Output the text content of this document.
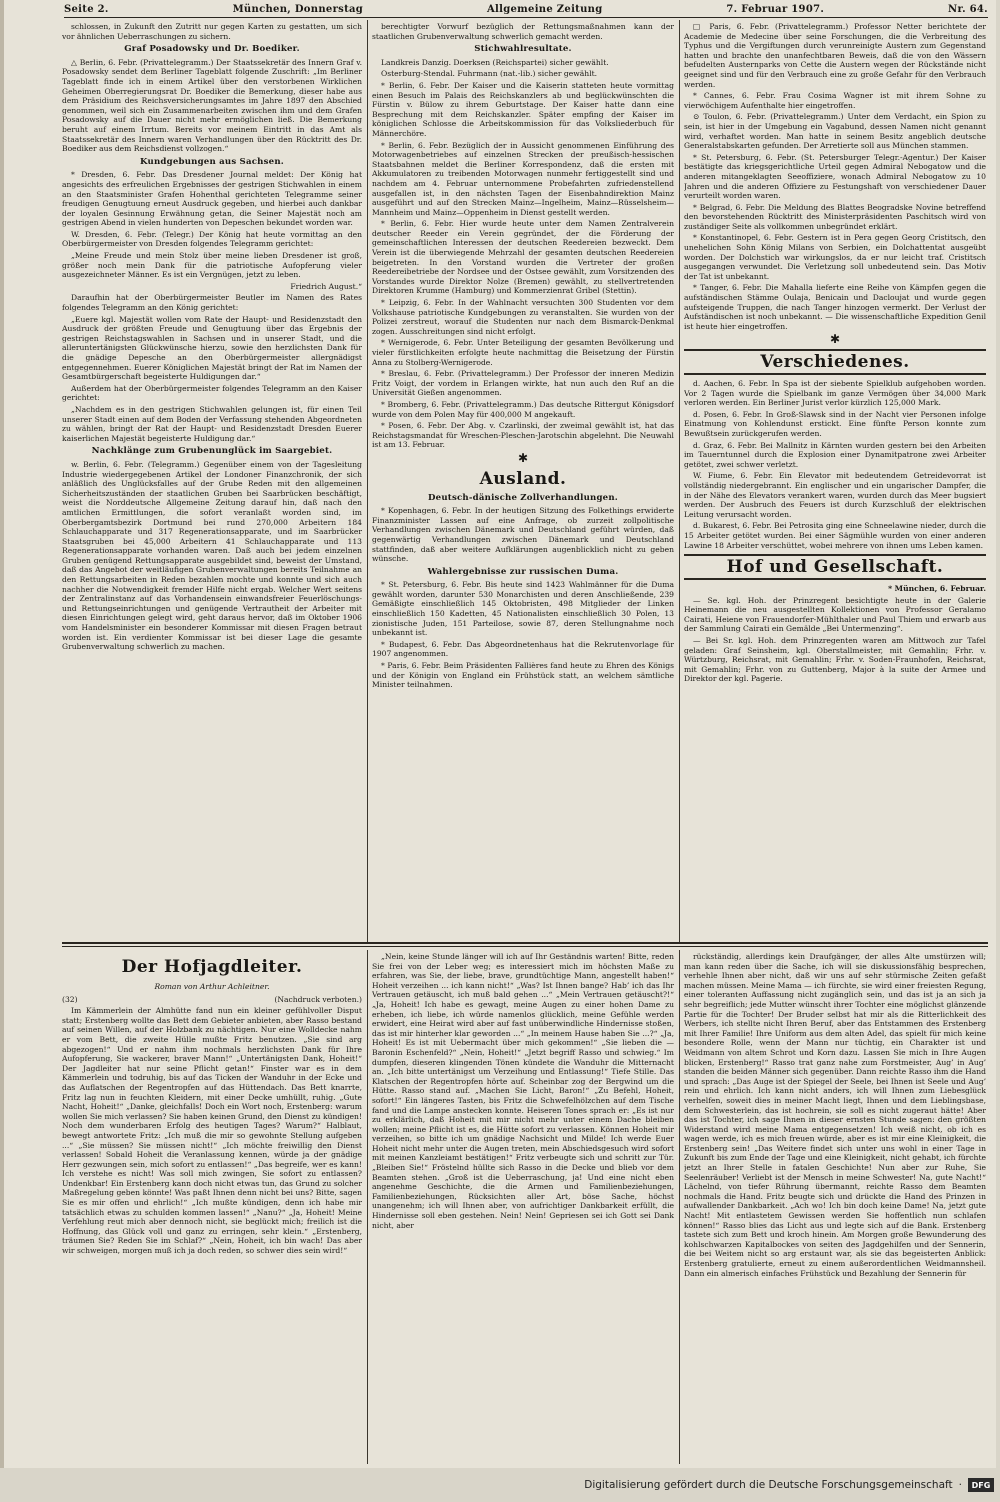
Seite 2.	München, Donnerstag	Allgemeine Zeitung	7. Februar 1907.	Nr. 64.

schlossen, in Zukunft den Zutritt nur gegen Karten zu gestatten, um sich vor ähnlichen Ueberraschungen zu sichern.

Graf Posadowsky und Dr. Boediker.

△ Berlin, 6. Febr. (Privattelegramm.) Der Staatssekretär des Innern Graf v. Posadowsky sendet dem Berliner Tageblatt folgende Zuschrift: „Im Berliner Tageblatt finde ich in einem Artikel über den verstorbenen Wirklichen Geheimen Oberregierungsrat Dr. Boediker die Bemerkung, dieser habe aus dem Präsidium des Reichsversicherungsamtes im Jahre 1897 den Abschied genommen, weil sich ein Zusammenarbeiten zwischen ihm und dem Grafen Posadowsky auf die Dauer nicht mehr ermöglichen ließ. Die Bemerkung beruht auf einem Irrtum. Bereits vor meinem Eintritt in das Amt als Staatssekretär des Innern waren Verhandlungen über den Rücktritt des Dr. Boediker aus dem Reichsdienst vollzogen.“

Kundgebungen aus Sachsen.

* Dresden, 6. Febr. Das Dresdener Journal meldet: Der König hat angesichts des erfreulichen Ergebnisses der gestrigen Stichwahlen in einem an den Staatsminister Grafen Hohenthal gerichteten Telegramme seiner freudigen Genugtuung erneut Ausdruck gegeben, und hierbei auch dankbar der loyalen Gesinnung Erwähnung getan, die Seiner Majestät noch am gestrigen Abend in vielen hunderten von Depeschen bekundet worden war.

W. Dresden, 6. Febr. (Telegr.) Der König hat heute vormittag an den Oberbürgermeister von Dresden folgendes Telegramm gerichtet:

„Meine Freude und mein Stolz über meine lieben Dresdener ist groß, größer noch mein Dank für die patriotische Aufopferung vieler ausgezeichneter Männer. Es ist ein Vergnügen, jetzt zu leben.

Friedrich August.“

Daraufhin hat der Oberbürgermeister Beutler im Namen des Rates folgendes Telegramm an den König gerichtet:

„Euere kgl. Majestät wollen vom Rate der Haupt- und Residenzstadt den Ausdruck der größten Freude und Genugtuung über das Ergebnis der gestrigen Reichstagswahlen in Sachsen und in unserer Stadt, und die alleruntertänigsten Glückwünsche hierzu, sowie den herzlichsten Dank für die gnädige Depesche an den Oberbürgermeister allergnädigst entgegennehmen. Euerer Königlichen Majestät bringt der Rat im Namen der Gesamtbürgerschaft begeisterte Huldigungen dar.“

Außerdem hat der Oberbürgermeister folgendes Telegramm an den Kaiser gerichtet:

„Nachdem es in den gestrigen Stichwahlen gelungen ist, für einen Teil unserer Stadt einen auf dem Boden der Verfassung stehenden Abgeordneten zu wählen, bringt der Rat der Haupt- und Residenzstadt Dresden Euerer kaiserlichen Majestät begeisterte Huldigung dar.“

Nachklänge zum Grubenunglück im Saargebiet.

w. Berlin, 6. Febr. (Telegramm.) Gegenüber einem von der Tagesleitung Industrie wiedergegebenen Artikel der Londoner Finanzchronik, der sich anläßlich des Unglücksfalles auf der Grube Reden mit den allgemeinen Sicherheitszuständen der staatlichen Gruben bei Saarbrücken beschäftigt, weist die Norddeutsche Allgemeine Zeitung darauf hin, daß nach den amtlichen Ermittlungen, die sofort veranlaßt worden sind, im Oberbergamtsbezirk Dortmund bei rund 270,000 Arbeitern 184 Schlauchapparate und 317 Regenerationsapparate, und im Saarbrücker Staatsgruben bei 45,000 Arbeitern 41 Schlauchapparate und 113 Regenerationsapparate vorhanden waren. Daß auch bei jedem einzelnen Gruben genügend Rettungsapparate ausgebildet sind, beweist der Umstand, daß das Angebot der weitläufigen Grubenverwaltungen bereits Teilnahme an den Rettungsarbeiten in Reden bezahlen mochte und konnte und sich auch nachher die Notwendigkeit fremder Hilfe nicht ergab. Welcher Wert seitens der Zentralinstanz auf das Vorhandensein einwandsfreier Feuerlöschungs- und Rettungseinrichtungen und genügende Vertrautheit der Arbeiter mit diesen Einrichtungen gelegt wird, geht daraus hervor, daß im Oktober 1906 vom Handelsminister ein besonderer Kommissar mit diesen Fragen betraut worden ist. Ein verdienter Kommissar ist bei dieser Lage die gesamte Grubenverwaltung schwerlich zu machen.

berechtigter Vorwurf bezüglich der Rettungsmaßnahmen kann der staatlichen Grubenverwaltung schwerlich gemacht werden.

Stichwahlresultate.

Landkreis Danzig. Doerksen (Reichspartei) sicher gewählt.

Osterburg-Stendal. Fuhrmann (nat.-lib.) sicher gewählt.

* Berlin, 6. Febr. Der Kaiser und die Kaiserin statteten heute vormittag einen Besuch im Palais des Reichskanzlers ab und beglückwünschten die Fürstin v. Bülow zu ihrem Geburtstage. Der Kaiser hatte dann eine Besprechung mit dem Reichskanzler. Später empfing der Kaiser im königlichen Schlosse die Arbeitskommission für das Volksliederbuch für Männerchöre.

* Berlin, 6. Febr. Bezüglich der in Aussicht genommenen Einführung des Motorwagenbetriebes auf einzelnen Strecken der preußisch-hessischen Staatsbahnen meldet die Berliner Korrespondenz, daß die ersten mit Akkumulatoren zu treibenden Motorwagen nunmehr fertiggestellt sind und nachdem am 4. Februar unternommene Probefahrten zufriedenstellend ausgefallen ist, in den nächsten Tagen der Eisenbahndirektion Mainz ausgeführt und auf den Strecken Mainz—Ingelheim, Mainz—Rüsselsheim—Mannheim und Mainz—Oppenheim in Dienst gestellt werden.

* Berlin, 6. Febr. Hier wurde heute unter dem Namen Zentralverein deutscher Reeder ein Verein gegründet, der die Förderung der gemeinschaftlichen Interessen der deutschen Reedereien bezweckt. Dem Verein ist die überwiegende Mehrzahl der gesamten deutschen Reedereien beigetreten. In den Vorstand wurden die Vertreter der großen Reedereibetriebe der Nordsee und der Ostsee gewählt, zum Vorsitzenden des Vorstandes wurde Direktor Nolze (Bremen) gewählt, zu stellvertretenden Direktoren Krumme (Hamburg) und Kommerzienrat Gribel (Stettin).

* Leipzig, 6. Febr. In der Wahlnacht versuchten 300 Studenten vor dem Volkshause patriotische Kundgebungen zu veranstalten. Sie wurden von der Polizei zerstreut, worauf die Studenten nur nach dem Bismarck-Denkmal zogen. Ausschreitungen sind nicht erfolgt.

* Wernigerode, 6. Febr. Unter Beteiligung der gesamten Bevölkerung und vieler fürstlichkeiten erfolgte heute nachmittag die Beisetzung der Fürstin Anna zu Stolberg-Wernigerode.

* Breslau, 6. Febr. (Privattelegramm.) Der Professor der inneren Medizin Fritz Voigt, der vordem in Erlangen wirkte, hat nun auch den Ruf an die Universität Gießen angenommen.

* Bromberg, 6. Febr. (Privattelegramm.) Das deutsche Rittergut Königsdorf wurde von dem Polen May für 400,000 M angekauft.

* Posen, 6. Febr. Der Abg. v. Czarlinski, der zweimal gewählt ist, hat das Reichstagsmandat für Wreschen-Pleschen-Jarotschin abgelehnt. Die Neuwahl ist am 13. Februar.

✱
Ausland.
Deutsch-dänische Zollverhandlungen.

* Kopenhagen, 6. Febr. In der heutigen Sitzung des Folkethings erwiderte Finanzminister Lassen auf eine Anfrage, ob zurzeit zollpolitische Verhandlungen zwischen Dänemark und Deutschland geführt würden, daß gegenwärtig Verhandlungen zwischen Dänemark und Deutschland stattfinden, daß aber weitere Aufklärungen augenblicklich nicht zu geben wünsche.

Wahlergebnisse zur russischen Duma.

* St. Petersburg, 6. Febr. Bis heute sind 1423 Wahlmänner für die Duma gewählt worden, darunter 530 Monarchisten und deren Anschließende, 239 Gemäßigte einschließlich 145 Oktobristen, 498 Mitglieder der Linken einschließlich 150 Kadetten, 45 Nationalisten einschließlich 30 Polen, 13 zionistische Juden, 151 Parteilose, sowie 87, deren Stellungnahme noch unbekannt ist.

* Budapest, 6. Febr. Das Abgeordnetenhaus hat die Rekrutenvorlage für 1907 angenommen.

* Paris, 6. Febr. Beim Präsidenten Fallières fand heute zu Ehren des Königs und der Königin von England ein Frühstück statt, an welchem sämtliche Minister teilnahmen.

□ Paris, 6. Febr. (Privattelegramm.) Professor Netter berichtete der Academie de Medecine über seine Forschungen, die die Verbreitung des Typhus und die Vergiftungen durch verunreinigte Austern zum Gegenstand hatten und brachte den unanfechtbaren Beweis, daß die von den Wässern befudelten Austernparks von Cette die Austern wegen der Rückstände nicht geeignet sind und für den Verbrauch eine zu große Gefahr für den Verbrauch werden.

* Cannes, 6. Febr. Frau Cosima Wagner ist mit ihrem Sohne zu vierwöchigem Aufenthalte hier eingetroffen.

⊙ Toulon, 6. Febr. (Privattelegramm.) Unter dem Verdacht, ein Spion zu sein, ist hier in der Umgebung ein Vagabund, dessen Namen nicht genannt wird, verhaftet worden. Man hatte in seinem Besitz angeblich deutsche Generalstabskarten gefunden. Der Arretierte soll aus München stammen.

* St. Petersburg, 6. Febr. (St. Petersburger Telegr.-Agentur.) Der Kaiser bestätigte das kriegsgerichtliche Urteil gegen Admiral Nebogatow und die anderen mitangeklagten Seeoffiziere, wonach Admiral Nebogatow zu 10 Jahren und die anderen Offiziere zu Festungshaft von verschiedener Dauer verurteilt worden waren.

* Belgrad, 6. Febr. Die Meldung des Blattes Beogradske Novine betreffend den bevorstehenden Rücktritt des Ministerpräsidenten Paschitsch wird von zuständiger Seite als vollkommen unbegründet erklärt.

* Konstantinopel, 6. Febr. Gestern ist in Pera gegen Georg Cristitsch, den unehelichen Sohn König Milans von Serbien, ein Dolchattentat ausgeübt worden. Der Dolchstich war wirkungslos, da er nur leicht traf. Cristitsch ausgegangen verwundet. Die Verletzung soll unbedeutend sein. Das Motiv der Tat ist unbekannt.

* Tanger, 6. Febr. Die Mahalla lieferte eine Reihe von Kämpfen gegen die aufständischen Stämme Oulaja, Benicain und Dacloujat und wurde gegen aufsteigende Truppen, die nach Tanger hinzogen vermerkt. Der Verlust der Aufständischen ist noch unbekannt. — Die wissenschaftliche Expedition Genil ist heute hier eingetroffen.

✱
Verschiedenes.

d. Aachen, 6. Febr. In Spa ist der siebente Spielklub aufgehoben worden. Vor 2 Tagen wurde die Spielbank im ganze Vermögen über 34,000 Mark verloren werden. Ein Berliner Jurist verlor kürzlich 125,000 Mark.

d. Posen, 6. Febr. In Groß-Slawsk sind in der Nacht vier Personen infolge Einatmung von Kohlendunst erstickt. Eine fünfte Person konnte zum Bewußtsein zurückgerufen werden.

d. Graz, 6. Febr. Bei Mallnitz in Kärnten wurden gestern bei den Arbeiten im Tauerntunnel durch die Explosion einer Dynamitpatrone zwei Arbeiter getötet, zwei schwer verletzt.

W. Fiume, 6. Febr. Ein Elevator mit bedeutendem Getreidevorrat ist vollständig niedergebrannt. Ein englischer und ein ungarischer Dampfer, die in der Nähe des Elevators verankert waren, wurden durch das Meer bugsiert werden. Der Ausbruch des Feuers ist durch Kurzschluß der elektrischen Leitung verursacht worden.

d. Bukarest, 6. Febr. Bei Petrosita ging eine Schneelawine nieder, durch die 15 Arbeiter getötet wurden. Bei einer Sägmühle wurden von einer anderen Lawine 18 Arbeiter verschüttet, wobei mehrere von ihnen ums Leben kamen.

Hof und Gesellschaft.

* München, 6. Februar.

— Se. kgl. Hoh. der Prinzregent besichtigte heute in der Galerie Heinemann die neu ausgestellten Kollektionen von Professor Geralamo Cairati, Heiene von Frauendorfer-Mühlthaler und Paul Thiem und erwarb aus der Sammlung Cairati ein Gemälde „Bei Untermenzing“.

— Bei Sr. kgl. Hoh. dem Prinzregenten waren am Mittwoch zur Tafel geladen: Graf Seinsheim, kgl. Oberstallmeister, mit Gemahlin; Frhr. v. Würtzburg, Reichsrat, mit Gemahlin; Frhr. v. Soden-Fraunhofen, Reichsrat, mit Gemahlin; Frhr. von zu Guttenberg, Major à la suite der Armee und Direktor der kgl. Pagerie.

Der Hofjagdleiter.
Roman von Arthur Achleitner.
(32)	(Nachdruck verboten.)

Im Kämmerlein der Almhütte fand nun ein kleiner gefühlvoller Disput statt; Erstenberg wollte das Bett dem Gebieter anbieten, aber Rasso bestand auf seinen Willen, auf der Holzbank zu nächtigen. Nur eine Wolldecke nahm er vom Bett, die zweite Hülle mußte Fritz benutzen. „Sie sind arg abgezogen!“ Und er nahm ihm nochmals herzlichsten Dank für Ihre Aufopferung, Sie wackerer, braver Mann!“ „Untertänigsten Dank, Hoheit!“ Der Jagdleiter hat nur seine Pflicht getan!“ Finster war es in dem Kämmerlein und todruhig, bis auf das Ticken der Wanduhr in der Ecke und das Auflatschen der Regentropfen auf das Hüttendach. Das Bett knarrte, Fritz lag nun in feuchten Kleidern, mit einer Decke umhüllt, ruhig. „Gute Nacht, Hoheit!“ „Danke, gleichfalls! Doch ein Wort noch, Erstenberg: warum wollen Sie mich verlassen? Sie haben keinen Grund, den Dienst zu kündigen! Noch dem wunderbaren Erfolg des heutigen Tages? Warum?“ Halblaut, bewegt antwortete Fritz: „Ich muß die mir so gewohnte Stellung aufgeben ...“ „Sie müssen? Sie müssen nicht!“ „Ich möchte freiwillig den Dienst verlassen! Sobald Hoheit die Veranlassung kennen, würde ja der gnädige Herr gezwungen sein, mich sofort zu entlassen!“ „Das begreife, wer es kann! Ich verstehe es nicht! Was soll mich zwingen, Sie sofort zu entlassen? Undenkbar! Ein Erstenberg kann doch nicht etwas tun, das Grund zu solcher Maßregelung geben könnte! Was paßt Ihnen denn nicht bei uns? Bitte, sagen Sie es mir offen und ehrlich!“ „Ich mußte kündigen, denn ich habe mir tatsächlich etwas zu schulden kommen lassen!“ „Nanu?“ „Ja, Hoheit! Meine Verfehlung reut mich aber dennoch nicht, sie beglückt mich; freilich ist die Hoffnung, das Glück voll und ganz zu erringen, sehr klein.“ „Erstenberg, träumen Sie? Reden Sie im Schlaf?“ „Nein, Hoheit, ich bin wach! Das aber wir schweigen, morgen muß ich ja doch reden, so schwer dies sein wird!“

„Nein, keine Stunde länger will ich auf Ihr Geständnis warten! Bitte, reden Sie frei von der Leber weg; es interessiert mich im höchsten Maße zu erfahren, was Sie, der liebe, brave, grundtüchtige Mann, angestellt haben!“ Hoheit verzeihen ... ich kann nicht!“ „Was? Ist Ihnen bange? Hab’ ich das Ihr Vertrauen getäuscht, ich muß bald gehen ...“ „Mein Vertrauen getäuscht?!“ „Ja, Hoheit! Ich habe es gewagt, meine Augen zu einer hohen Dame zu erheben, ich liebe, ich würde namenlos glücklich, meine Gefühle werden erwidert, eine Heirat wird aber auf fast unüberwindliche Hindernisse stoßen, das ist mir hinterher klar geworden ...“ „In meinem Hause haben Sie ...?“ „Ja, Hoheit! Es ist mit Uebermacht über mich gekommen!“ „Sie lieben die — Baronin Eschenfeld?“ „Nein, Hoheit!“ „Jetzt begriff Rasso und schwieg.“ Im dumpfen, dieseren klingenden Tönen kündete die Wanduhr die Mitternacht an. „Ich bitte untertänigst um Verzeihung und Entlassung!“ Tiefe Stille. Das Klatschen der Regentropfen hörte auf. Scheinbar zog der Bergwind um die Hütte. Rasso stand auf. „Machen Sie Licht, Baron!“ „Zu Befehl, Hoheit, sofort!“ Ein längeres Tasten, bis Fritz die Schwefelhölzchen auf dem Tische fand und die Lampe anstecken konnte. Heiseren Tones sprach er: „Es ist nur zu erklärlich, daß Hoheit mit mir nicht mehr unter einem Dache bleiben wollen; meine Pflicht ist es, die Hütte sofort zu verlassen. Können Hoheit mir verzeihen, so bitte ich um gnädige Nachsicht und Milde! Ich werde Euer Hoheit nicht mehr unter die Augen treten, mein Abschiedsgesuch wird sofort mit meinen Kanzleiamt bestätigen!“ Fritz verbeugte sich und schritt zur Tür. „Bleiben Sie!“ Fröstelnd hüllte sich Rasso in die Decke und blieb vor dem Beamten stehen. „Groß ist die Ueberraschung, ja! Und eine nicht eben angenehme Geschichte, die die Armen und Familienbeziehungen, Familienbeziehungen, Rücksichten aller Art, böse Sache, höchst unangenehm; ich will Ihnen aber, von aufrichtiger Dankbarkeit erfüllt, die Hindernisse soll eben gestehen. Nein! Nein! Gepriesen sei ich Gott sei Dank nicht, aber

rückständig, allerdings kein Draufgänger, der alles Alte umstürzen will; man kann reden über die Sache, ich will sie diskussionsfähig besprechen, verhehle Ihnen aber nicht, daß wir uns auf sehr stürmische Zeiten gefaßt machen müssen. Meine Mama — ich fürchte, sie wird einer freiesten Regung, einer toleranten Auffassung nicht zugänglich sein, und das ist ja an sich ja sehr begreiflich; jede Mutter wünscht ihrer Tochter eine möglichst glänzende Partie für die Tochter! Der Bruder selbst hat mir als die Ritterlichkeit des Werbers, ich stellte nicht Ihren Beruf, aber das Entstammen des Erstenberg mit Ihrer Familie! Ihre Uniform aus dem alten Adel, das spielt für mich keine besondere Rolle, wenn der Mann nur tüchtig, ein Charakter ist und Weidmann von altem Schrot und Korn dazu. Lassen Sie mich in Ihre Augen blicken, Erstenberg!“ Rasso trat ganz nahe zum Forstmeister, Aug’ in Aug’ standen die beiden Männer sich gegenüber. Dann reichte Rasso ihm die Hand und sprach: „Das Auge ist der Spiegel der Seele, bei Ihnen ist Seele und Aug’ rein und ehrlich. Ich kann nicht anders, ich will Ihnen zum Liebesglück verhelfen, soweit dies in meiner Macht liegt, Ihnen und dem Lieblingsbase, dem Schwesterlein, das ist hochrein, sie soll es nicht zugeraut hätte! Aber das ist Tochter, ich sage Ihnen in dieser ernsten Stunde sagen: den größten Widerstand wird meine Mama entgegensetzen! Ich weiß nicht, ob ich es wagen werde, ich es mich freuen würde, aber es ist mir eine Kleinigkeit, die Erstenberg sein! „Das Weitere findet sich unter uns wohl in einer Tage in Zukunft bis zum Ende der Tage und eine Kleinigkeit, nicht gehabt, ich fürchte jetzt an Ihrer Stelle in fatalen Geschichte! Nun aber zur Ruhe, Sie Seelenräuber! Verliebt ist der Mensch in meine Schwester! Na, gute Nacht!“ Lächelnd, von tiefer Rührung übermannt, reichte Rasso dem Beamten nochmals die Hand. Fritz beugte sich und drückte die Hand des Prinzen in aufwallender Dankbarkeit. „Ach wo! Ich bin doch keine Dame! Na, jetzt gute Nacht! Mit entlastetem Gewissen werden Sie hoffentlich nun schlafen können!“ Rasso blies das Licht aus und legte sich auf die Bank. Erstenberg tastete sich zum Bett und kroch hinein. Am Morgen große Bewunderung des kohlschwarzen Kapitalbockes von seiten des Jagdgehilfen und der Sennerin, die bei Weitem nicht so arg erstaunt war, als sie das begeisterten Anblick: Erstenberg gratulierte, erneut zu einem außerordentlichen Weidmannsheil. Dann ein almerisch einfaches Frühstück und Bezahlung der Sennerin für

Digitalisierung gefördert durch die Deutsche Forschungsgemeinschaft ·	DFG
